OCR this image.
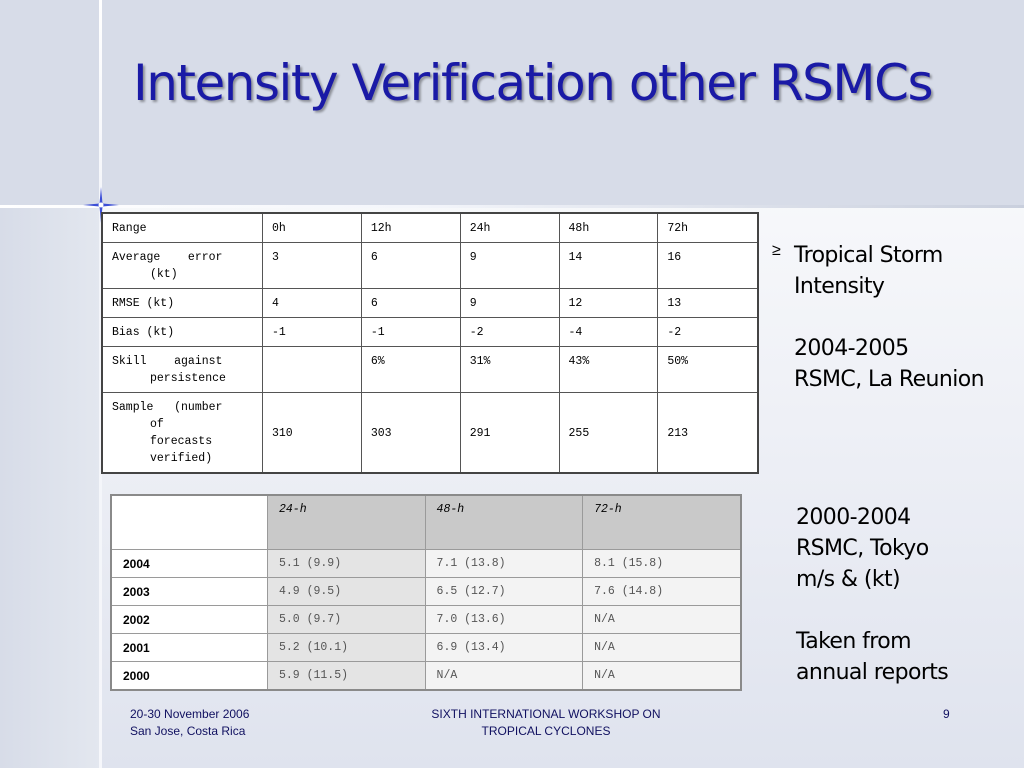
Intensity Verification other RSMCs
Range	0h	12h	24h	48h	72h

Average    error
(kt)	3	6	9	14	16

RMSE (kt)	4	6	9	12	13

Bias (kt)	-1	-1	-2	-4	-2

Skill    against
persistence		6%	31%	43%	50%

Sample   (number
of
forecasts
verified)	310	303	291	255	213
	24-h	48-h	72-h
2004	5.1 (9.9)	7.1 (13.8)	8.1 (15.8)
2003	4.9 (9.5)	6.5 (12.7)	7.6 (14.8)
2002	5.0 (9.7)	7.0 (13.6)	N/A
2001	5.2 (10.1)	6.9 (13.4)	N/A
2000	5.9 (11.5)	N/A	N/A
≥ Tropical Storm
Intensity
2004-2005
RSMC, La Reunion
2000-2004
RSMC, Tokyo
m/s & (kt)
Taken from
annual reports
20-30 November 2006
San Jose, Costa Rica
SIXTH INTERNATIONAL WORKSHOP ON
TROPICAL CYCLONES
9
